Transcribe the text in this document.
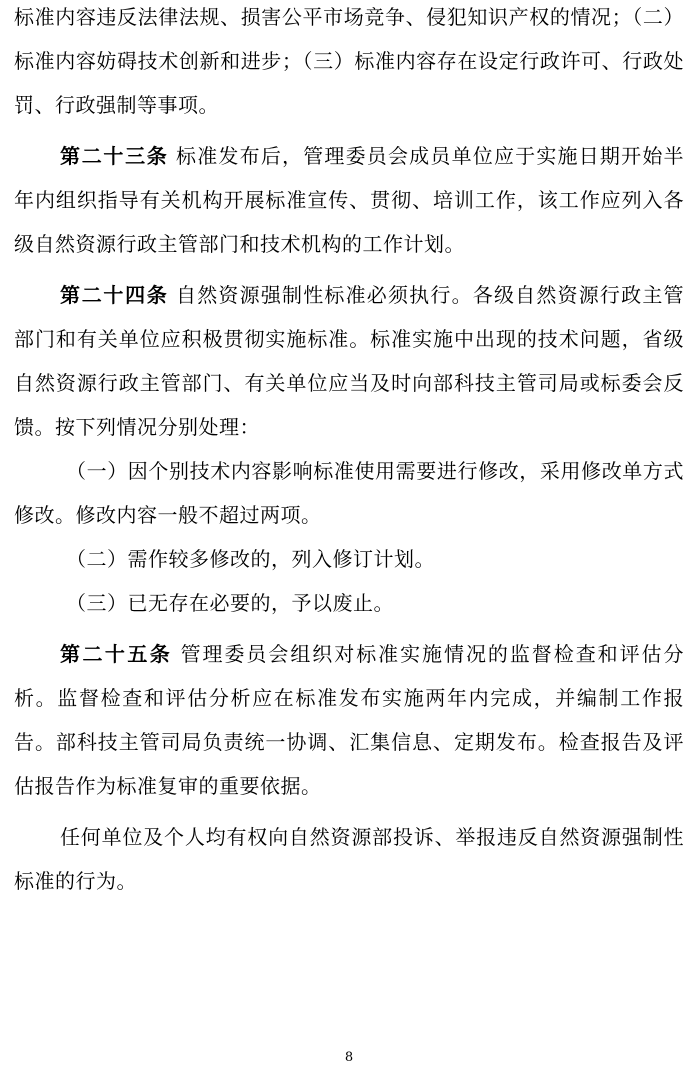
标准内容违反法律法规、损害公平市场竞争、侵犯知识产权的情况；（二）标准内容妨碍技术创新和进步；（三）标准内容存在设定行政许可、行政处罚、行政强制等事项。

第二十三条 标准发布后，管理委员会成员单位应于实施日期开始半年内组织指导有关机构开展标准宣传、贯彻、培训工作，该工作应列入各级自然资源行政主管部门和技术机构的工作计划。

第二十四条 自然资源强制性标准必须执行。各级自然资源行政主管部门和有关单位应积极贯彻实施标准。标准实施中出现的技术问题，省级自然资源行政主管部门、有关单位应当及时向部科技主管司局或标委会反馈。按下列情况分别处理：

（一）因个别技术内容影响标准使用需要进行修改，采用修改单方式修改。修改内容一般不超过两项。

（二）需作较多修改的，列入修订计划。

（三）已无存在必要的，予以废止。

第二十五条 管理委员会组织对标准实施情况的监督检查和评估分析。监督检查和评估分析应在标准发布实施两年内完成，并编制工作报告。部科技主管司局负责统一协调、汇集信息、定期发布。检查报告及评估报告作为标准复审的重要依据。

任何单位及个人均有权向自然资源部投诉、举报违反自然资源强制性标准的行为。

8
